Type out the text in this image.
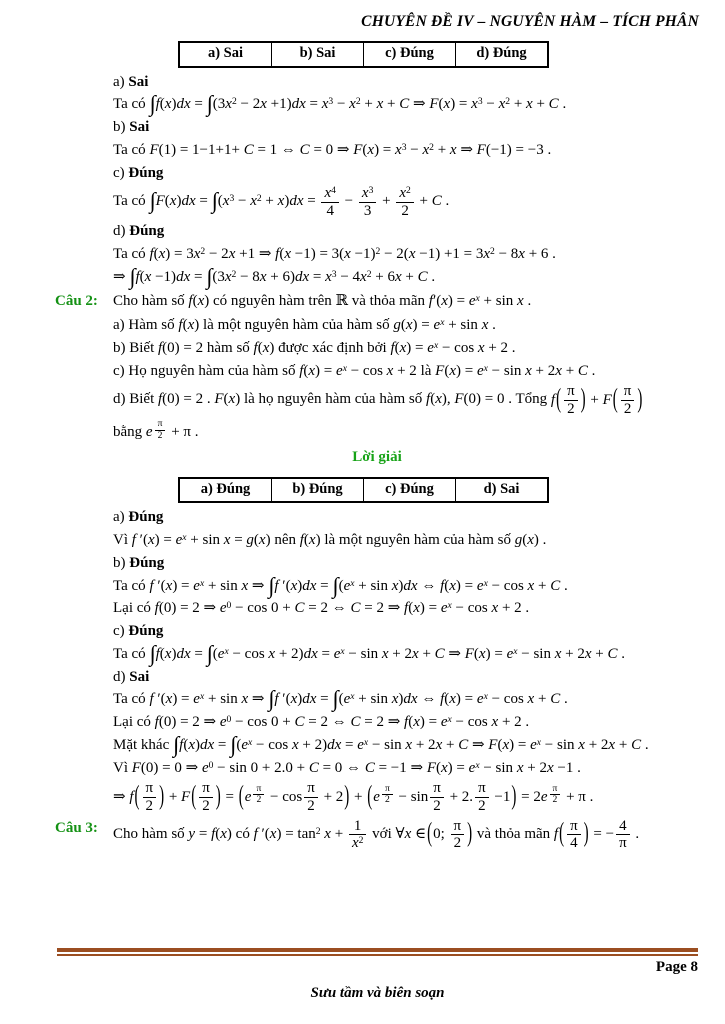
CHUYÊN ĐỀ IV – NGUYÊN HÀM – TÍCH PHÂN
a) Sai	b) Sai	c) Đúng	d) Đúng
a) Sai
Ta có ∫f(x)dx = ∫(3x2 − 2x +1)dx = x3 − x2 + x + C ⇒ F(x) = x3 − x2 + x + C .
b) Sai
Ta có F(1) = 1−1+1+ C = 1 ⇔ C = 0 ⇒ F(x) = x3 − x2 + x ⇒ F(−1) = −3 .
c) Đúng
Ta có $\int F(x)dx = \int(x3 - x2 + x)dx = \frac{x4}{4} - \frac{x3}{3} + \frac{x2}{2} + C$ .
d) Đúng
Ta có f(x) = 3x2 − 2x +1 ⇒ f(x −1) = 3(x −1)2 − 2(x −1) +1 = 3x2 − 8x + 6 .
⇒ ∫f(x −1)dx = ∫(3x2 − 8x + 6)dx = x3 − 4x2 + 6x + C .
Câu 2:	Cho hàm số f(x) có nguyên hàm trên ℝ và thỏa mãn f′(x) = ex + sin x .
a) Hàm số f(x) là một nguyên hàm của hàm số g(x) = ex + sin x .
b) Biết f(0) = 2 hàm số f(x) được xác định bởi f(x) = ex − cos x + 2 .
c) Họ nguyên hàm của hàm số f(x) = ex − cos x + 2 là F(x) = ex − sin x + 2x + C .
d) Biết f(0) = 2 . F(x) là họ nguyên hàm của hàm số f(x), F(0) = 0 . Tổng $f( \frac{\pi}{2}$ ) + $F( \frac{\pi}{2}$ )
bằng e $\frac{\pi}{2} + \pi$ .
Lời giải
a) Đúng	b) Đúng	c) Đúng	d) Sai
a) Đúng
Vì f ′(x) = ex + sin x = g(x) nên f(x) là một nguyên hàm của hàm số g(x) .
b) Đúng
Ta có f ′(x) = ex + sin x ⇒ ∫f ′(x)dx = ∫(ex + sin x)dx ⇔ f(x) = ex − cos x + C .
Lại có f(0) = 2 ⇒ e0 − cos 0 + C = 2 ⇔ C = 2 ⇒ f(x) = ex − cos x + 2 .
c) Đúng
Ta có ∫f(x)dx = ∫(ex − cos x + 2)dx = ex − sin x + 2x + C ⇒ F(x) = ex − sin x + 2x + C .
d) Sai
Ta có f ′(x) = ex + sin x ⇒ ∫f ′(x)dx = ∫(ex + sin x)dx ⇔ f(x) = ex − cos x + C .
Lại có f(0) = 2 ⇒ e0 − cos 0 + C = 2 ⇔ C = 2 ⇒ f(x) = ex − cos x + 2 .
Mặt khác ∫f(x)dx = ∫(ex − cos x + 2)dx = ex − sin x + 2x + C ⇒ F(x) = ex − sin x + 2x + C .
Vì F(0) = 0 ⇒ e0 − sin 0 + 2.0 + C = 0 ⇔ C = −1 ⇒ F(x) = ex − sin x + 2x −1 .
⇒ $f( \frac{\pi}{2}$ ) + $F( \frac{\pi}{2}$ ) = $(e \frac{\pi}{2} - \cos \frac{\pi}{2} + 2) + (e \frac{\pi}{2} - \sin \frac{\pi}{2} + 2$. $\frac{\pi}{2} -1) = 2e \frac{\pi}{2} + \pi$ .
Câu 3:	Cho hàm số y = f(x) có f ′(x) = tan2 $x + \frac{1}{x2}$ với ∀x ∈(0; $\frac{\pi}{2}$ ) và thỏa mãn $f( \frac{\pi}{4}$ ) = − $\frac{4}{\pi}$ .
Page 8
Sưu tầm và biên soạn
